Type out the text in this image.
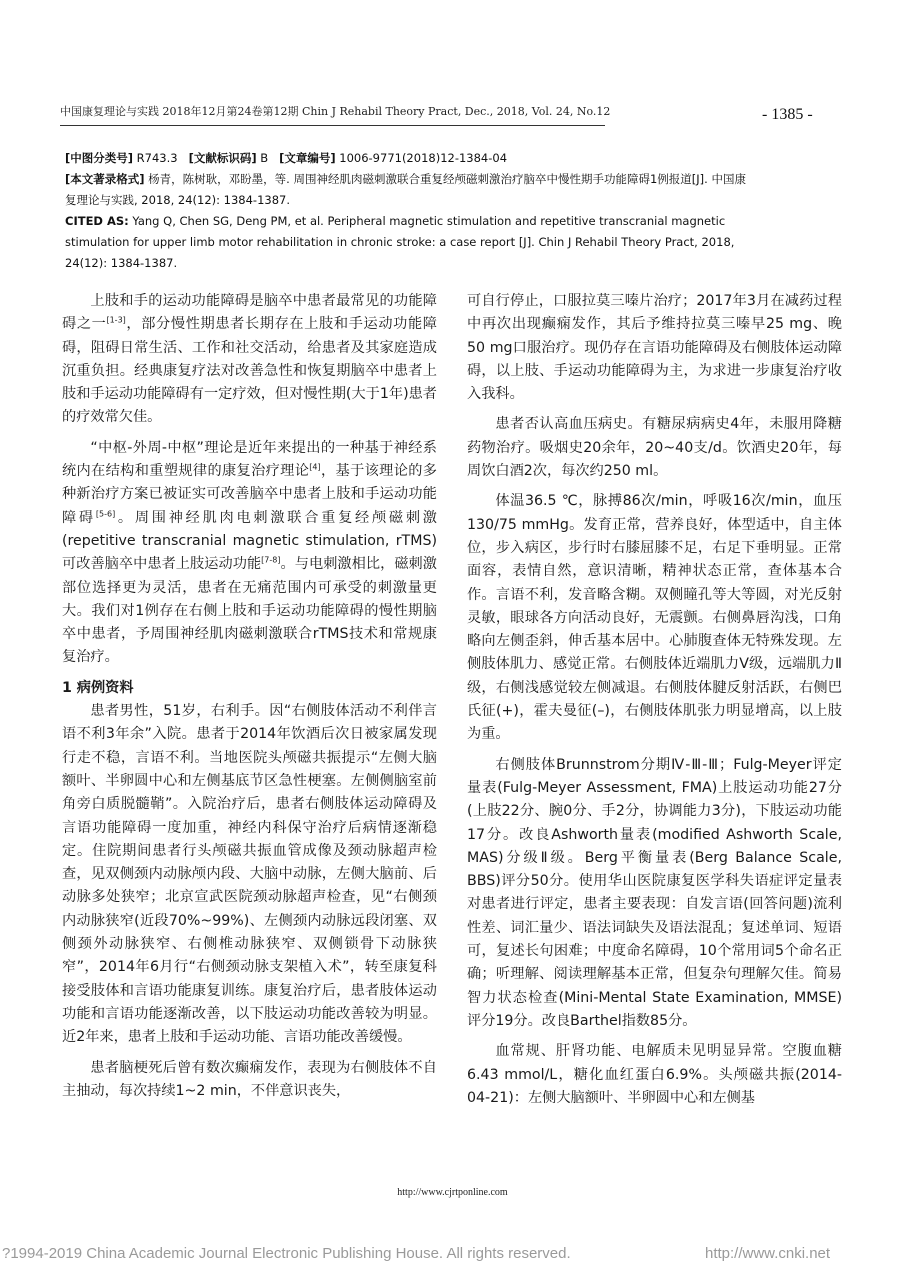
中国康复理论与实践 2018年12月第24卷第12期 Chin J Rehabil Theory Pract, Dec., 2018, Vol. 24, No.12	- 1385 -
[中图分类号] R743.3 [文献标识码] B [文章编号] 1006-9771(2018)12-1384-04
[本文著录格式] 杨青，陈树耿，邓盼墨，等. 周围神经肌肉磁刺激联合重复经颅磁刺激治疗脑卒中慢性期手功能障碍1例报道[J]. 中国康复理论与实践, 2018, 24(12): 1384-1387.
CITED AS: Yang Q, Chen SG, Deng PM, et al. Peripheral magnetic stimulation and repetitive transcranial magnetic stimulation for upper limb motor rehabilitation in chronic stroke: a case report [J]. Chin J Rehabil Theory Pract, 2018, 24(12): 1384-1387.

上肢和手的运动功能障碍是脑卒中患者最常见的功能障碍之一[1-3]，部分慢性期患者长期存在上肢和手运动功能障碍，阻碍日常生活、工作和社交活动，给患者及其家庭造成沉重负担。经典康复疗法对改善急性和恢复期脑卒中患者上肢和手运动功能障碍有一定疗效，但对慢性期(大于1年)患者的疗效常欠佳。

“中枢-外周-中枢”理论是近年来提出的一种基于神经系统内在结构和重塑规律的康复治疗理论[4]，基于该理论的多种新治疗方案已被证实可改善脑卒中患者上肢和手运动功能障碍[5-6]。周围神经肌肉电刺激联合重复经颅磁刺激(repetitive transcranial magnetic stimulation, rTMS)可改善脑卒中患者上肢运动功能[7-8]。与电刺激相比，磁刺激部位选择更为灵活，患者在无痛范围内可承受的刺激量更大。我们对1例存在右侧上肢和手运动功能障碍的慢性期脑卒中患者，予周围神经肌肉磁刺激联合rTMS技术和常规康复治疗。

1 病例资料

患者男性，51岁，右利手。因“右侧肢体活动不利伴言语不利3年余”入院。患者于2014年饮酒后次日被家属发现行走不稳，言语不利。当地医院头颅磁共振提示“左侧大脑额叶、半卵圆中心和左侧基底节区急性梗塞。左侧侧脑室前角旁白质脱髓鞘”。入院治疗后，患者右侧肢体运动障碍及言语功能障碍一度加重，神经内科保守治疗后病情逐渐稳定。住院期间患者行头颅磁共振血管成像及颈动脉超声检查，见双侧颈内动脉颅内段、大脑中动脉，左侧大脑前、后动脉多处狭窄；北京宣武医院颈动脉超声检查，见“右侧颈内动脉狭窄(近段70%~99%)、左侧颈内动脉远段闭塞、双侧颈外动脉狭窄、右侧椎动脉狭窄、双侧锁骨下动脉狭窄”，2014年6月行“右侧颈动脉支架植入术”，转至康复科接受肢体和言语功能康复训练。康复治疗后，患者肢体运动功能和言语功能逐渐改善，以下肢运动功能改善较为明显。近2年来，患者上肢和手运动功能、言语功能改善缓慢。

患者脑梗死后曾有数次癫痫发作，表现为右侧肢体不自主抽动，每次持续1~2 min，不伴意识丧失，

可自行停止，口服拉莫三嗪片治疗；2017年3月在减药过程中再次出现癫痫发作，其后予维持拉莫三嗪早25 mg、晚50 mg口服治疗。现仍存在言语功能障碍及右侧肢体运动障碍，以上肢、手运动功能障碍为主，为求进一步康复治疗收入我科。

患者否认高血压病史。有糖尿病病史4年，未服用降糖药物治疗。吸烟史20余年，20~40支/d。饮酒史20年，每周饮白酒2次，每次约250 ml。

体温36.5 ℃，脉搏86次/min，呼吸16次/min，血压130/75 mmHg。发育正常，营养良好，体型适中，自主体位，步入病区，步行时右膝屈膝不足，右足下垂明显。正常面容，表情自然，意识清晰，精神状态正常，查体基本合作。言语不利，发音略含糊。双侧瞳孔等大等圆，对光反射灵敏，眼球各方向活动良好，无震颤。右侧鼻唇沟浅，口角略向左侧歪斜，伸舌基本居中。心肺腹查体无特殊发现。左侧肢体肌力、感觉正常。右侧肢体近端肌力Ⅴ级，远端肌力Ⅱ级，右侧浅感觉较左侧减退。右侧肢体腱反射活跃，右侧巴氏征(+)，霍夫曼征(–)，右侧肢体肌张力明显增高，以上肢为重。

右侧肢体Brunnstrom分期Ⅳ-Ⅲ-Ⅲ；Fulg-Meyer评定量表(Fulg-Meyer Assessment, FMA)上肢运动功能27分(上肢22分、腕0分、手2分，协调能力3分)，下肢运动功能17分。改良Ashworth量表(modified Ashworth Scale, MAS)分级Ⅱ级。Berg平衡量表(Berg Balance Scale, BBS)评分50分。使用华山医院康复医学科失语症评定量表对患者进行评定，患者主要表现：自发言语(回答问题)流利性差、词汇量少、语法词缺失及语法混乱；复述单词、短语可，复述长句困难；中度命名障碍，10个常用词5个命名正确；听理解、阅读理解基本正常，但复杂句理解欠佳。简易智力状态检查(Mini-Mental State Examination, MMSE)评分19分。改良Barthel指数85分。

血常规、肝肾功能、电解质未见明显异常。空腹血糖6.43 mmol/L，糖化血红蛋白6.9%。头颅磁共振(2014-04-21)：左侧大脑额叶、半卵圆中心和左侧基

http://www.cjrtponline.com
?1994-2019 China Academic Journal Electronic Publishing House. All rights reserved.	http://www.cnki.net
